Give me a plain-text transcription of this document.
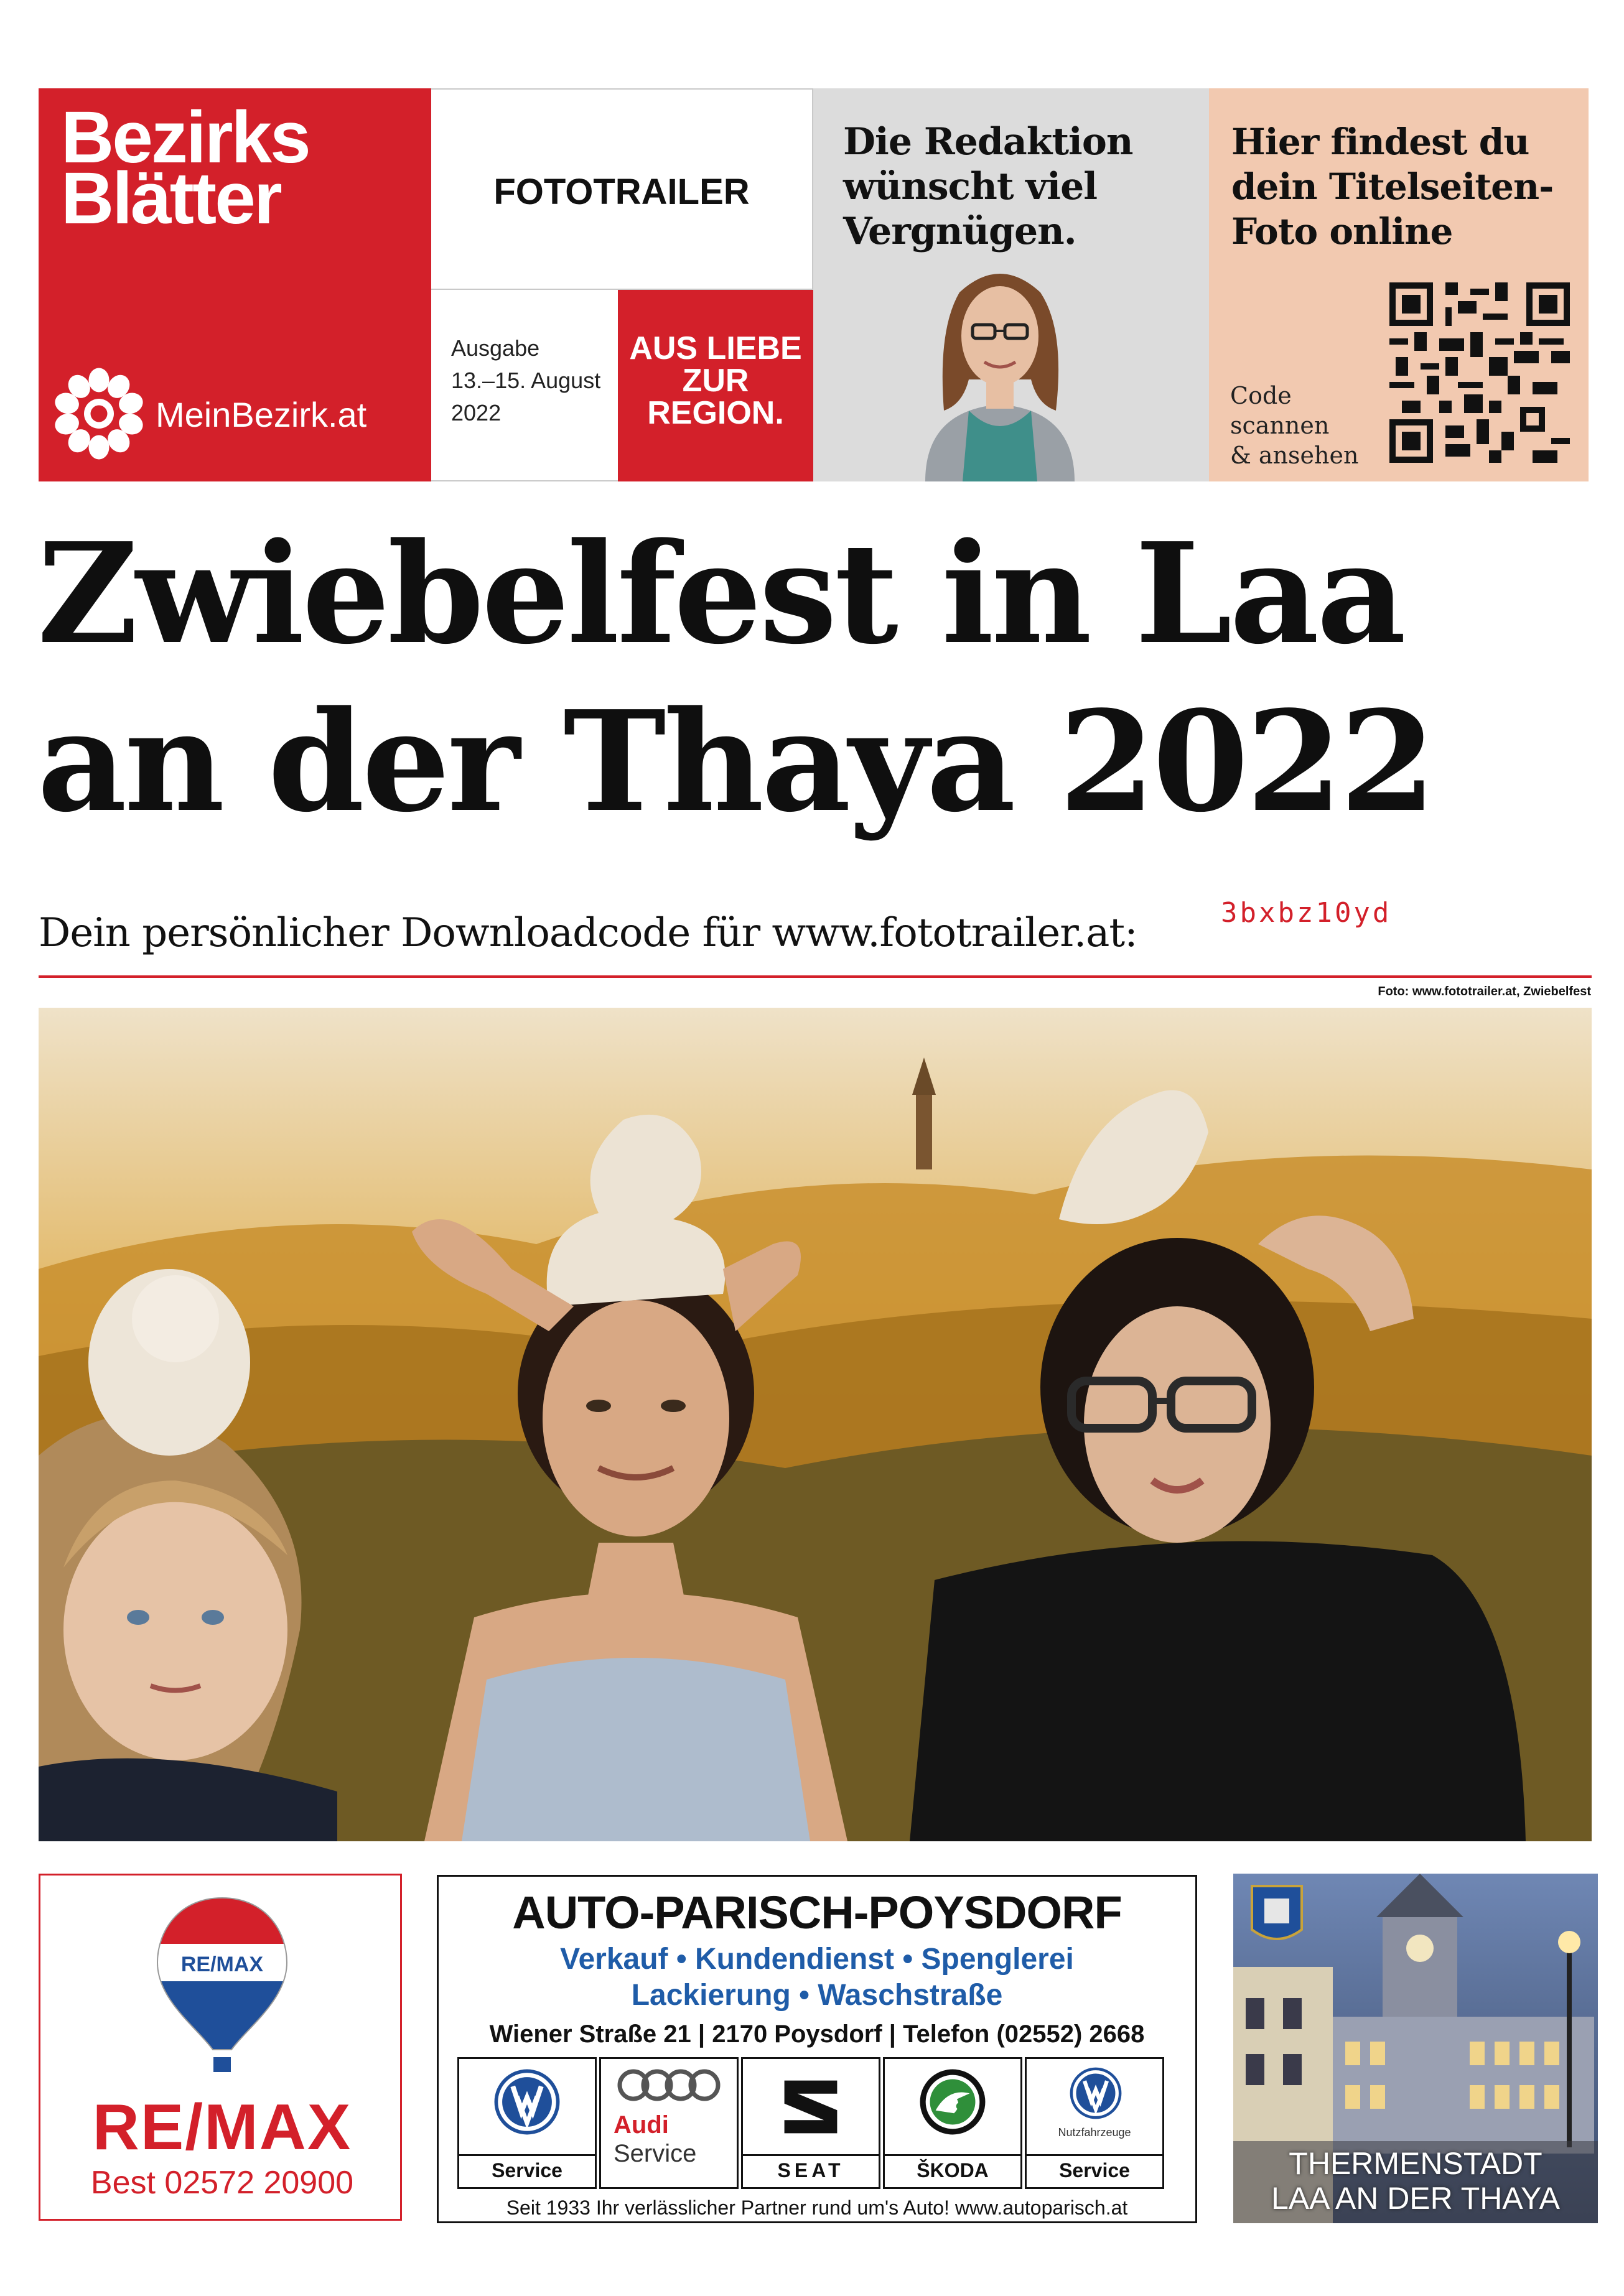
Bezirks
Blätter
MeinBezirk.at
FOTOTRAILER
Ausgabe
13.–15. August
2022
AUS LIEBE
ZUR
REGION.
Die Redaktion
wünscht viel
Vergnügen.
Hier findest du
dein Titelseiten-
Foto online
Code
scannen
& ansehen
Zwiebelfest in Laa
an der Thaya 2022
Dein persönlicher Downloadcode für www.fototrailer.at:	3bxbz10yd
Foto: www.fototrailer.at, Zwiebelfest
RE/MAX
RE/MAX
Best 02572 20900
AUTO-PARISCH-POYSDORF
Verkauf • Kundendienst • Spenglerei
Lackierung • Waschstraße
Wiener Straße 21 | 2170 Poysdorf | Telefon (02552) 2668
Service
Audi
Service
SEAT	ŠKODA
Nutzfahrzeuge
Service
Seit 1933 Ihr verlässlicher Partner rund um's Auto! www.autoparisch.at
THERMENSTADT
LAA AN DER THAYA
